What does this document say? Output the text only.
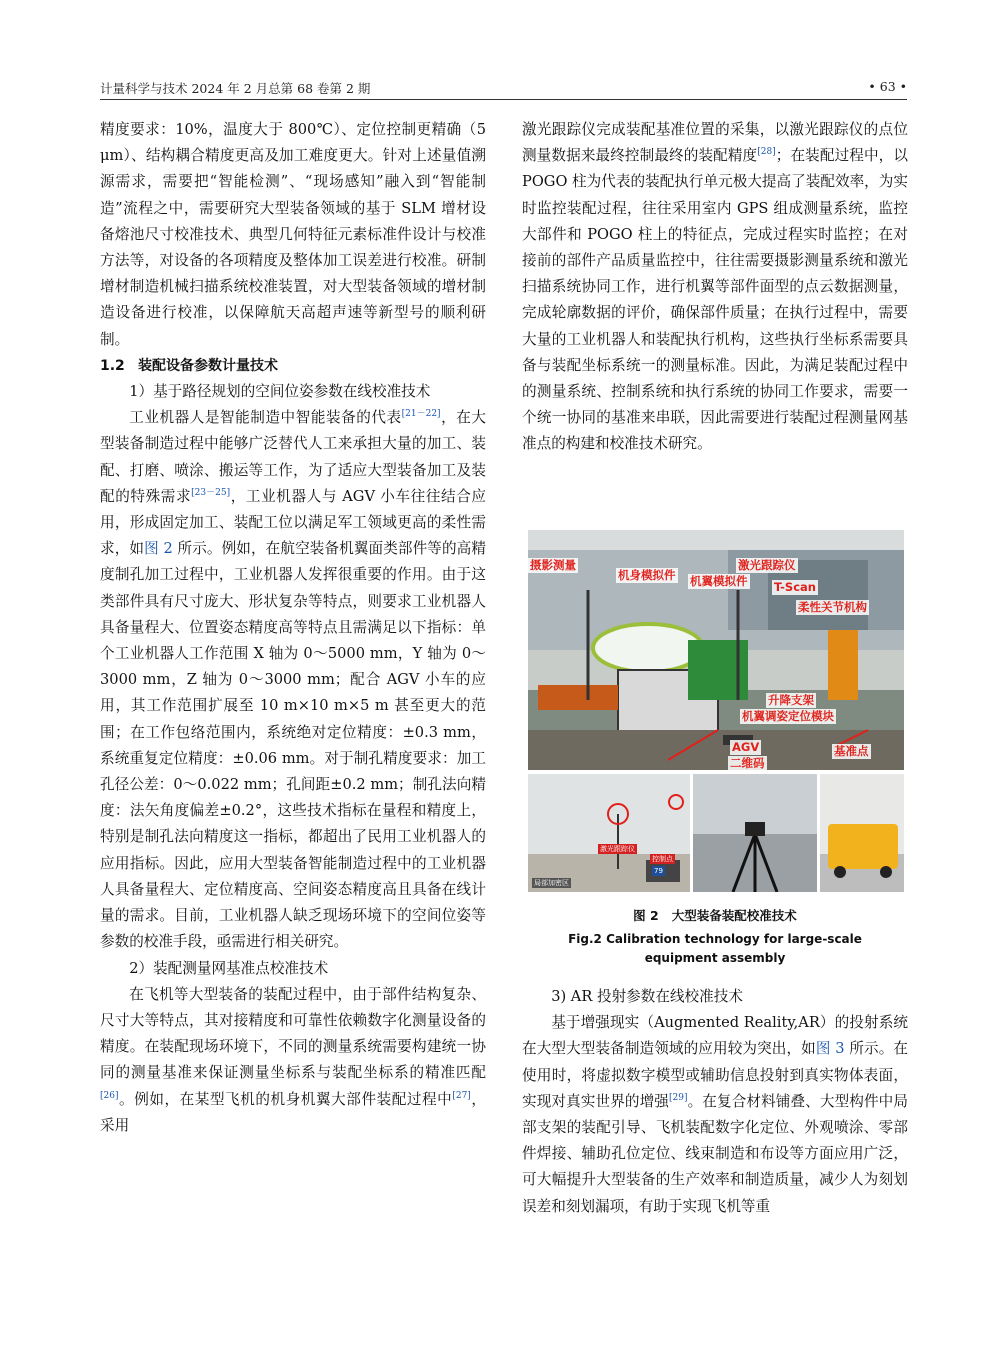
计量科学与技术 2024 年 2 月总第 68 卷第 2 期	• 63 •

精度要求：10%，温度大于 800℃）、定位控制更精确（5 μm）、结构耦合精度更高及加工难度更大。针对上述量值溯源需求，需要把“智能检测”、“现场感知”融入到“智能制造”流程之中，需要研究大型装备领域的基于 SLM 增材设备熔池尺寸校准技术、典型几何特征元素标准件设计与校准方法等，对设备的各项精度及整体加工误差进行校准。研制增材制造机械扫描系统校准装置，对大型装备领域的增材制造设备进行校准，以保障航天高超声速等新型号的顺利研制。

1.2 装配设备参数计量技术

1）基于路径规划的空间位姿参数在线校准技术

工业机器人是智能制造中智能装备的代表[21－22]，在大型装备制造过程中能够广泛替代人工来承担大量的加工、装配、打磨、喷涂、搬运等工作，为了适应大型装备加工及装配的特殊需求[23－25]，工业机器人与 AGV 小车往往结合应用，形成固定加工、装配工位以满足军工领域更高的柔性需求，如图 2 所示。例如，在航空装备机翼面类部件等的高精度制孔加工过程中，工业机器人发挥很重要的作用。由于这类部件具有尺寸庞大、形状复杂等特点，则要求工业机器人具备量程大、位置姿态精度高等特点且需满足以下指标：单个工业机器人工作范围 X 轴为 0～5000 mm，Y 轴为 0～3000 mm，Z 轴为 0～3000 mm；配合 AGV 小车的应用，其工作范围扩展至 10 m×10 m×5 m 甚至更大的范围；在工作包络范围内，系统绝对定位精度：±0.3 mm，系统重复定位精度：±0.06 mm。对于制孔精度要求：加工孔径公差：0～0.022 mm；孔间距±0.2 mm；制孔法向精度：法矢角度偏差±0.2°，这些技术指标在量程和精度上，特别是制孔法向精度这一指标，都超出了民用工业机器人的应用指标。因此，应用大型装备智能制造过程中的工业机器人具备量程大、定位精度高、空间姿态精度高且具备在线计量的需求。目前，工业机器人缺乏现场环境下的空间位姿等参数的校准手段，亟需进行相关研究。

2）装配测量网基准点校准技术

在飞机等大型装备的装配过程中，由于部件结构复杂、尺寸大等特点，其对接精度和可靠性依赖数字化测量设备的精度。在装配现场环境下，不同的测量系统需要构建统一协同的测量基准来保证测量坐标系与装配坐标系的精准匹配[26]。例如，在某型飞机的机身机翼大部件装配过程中[27]，采用

激光跟踪仪完成装配基准位置的采集，以激光跟踪仪的点位测量数据来最终控制最终的装配精度[28]；在装配过程中，以 POGO 柱为代表的装配执行单元极大提高了装配效率，为实时监控装配过程，往往采用室内 GPS 组成测量系统，监控大部件和 POGO 柱上的特征点，完成过程实时监控；在对接前的部件产品质量监控中，往往需要摄影测量系统和激光扫描系统协同工作，进行机翼等部件面型的点云数据测量，完成轮廓数据的评价，确保部件质量；在执行过程中，需要大量的工业机器人和装配执行机构，这些执行坐标系需要具备与装配坐标系统一的测量标准。因此，为满足装配过程中的测量系统、控制系统和执行系统的协同工作要求，需要一个统一协同的基准来串联，因此需要进行装配过程测量网基准点的构建和校准技术研究。

摄影测量
机身模拟件 机翼模拟件
激光跟踪仪
T-Scan
柔性关节机构
升降支架
机翼调姿定位模块
AGV	基准点
二维码
激光跟踪仪
控制点
79
局部加密区
图 2 大型装备装配校准技术
Fig.2 Calibration technology for large-scale equipment assembly

3) AR 投射参数在线校准技术

基于增强现实（Augmented Reality,AR）的投射系统在大型大型装备制造领域的应用较为突出，如图 3 所示。在使用时，将虚拟数字模型或辅助信息投射到真实物体表面，实现对真实世界的增强[29]。在复合材料铺叠、大型构件中局部支架的装配引导、飞机装配数字化定位、外观喷涂、零部件焊接、辅助孔位定位、线束制造和布设等方面应用广泛，可大幅提升大型装备的生产效率和制造质量，减少人为刻划误差和刻划漏项，有助于实现飞机等重
